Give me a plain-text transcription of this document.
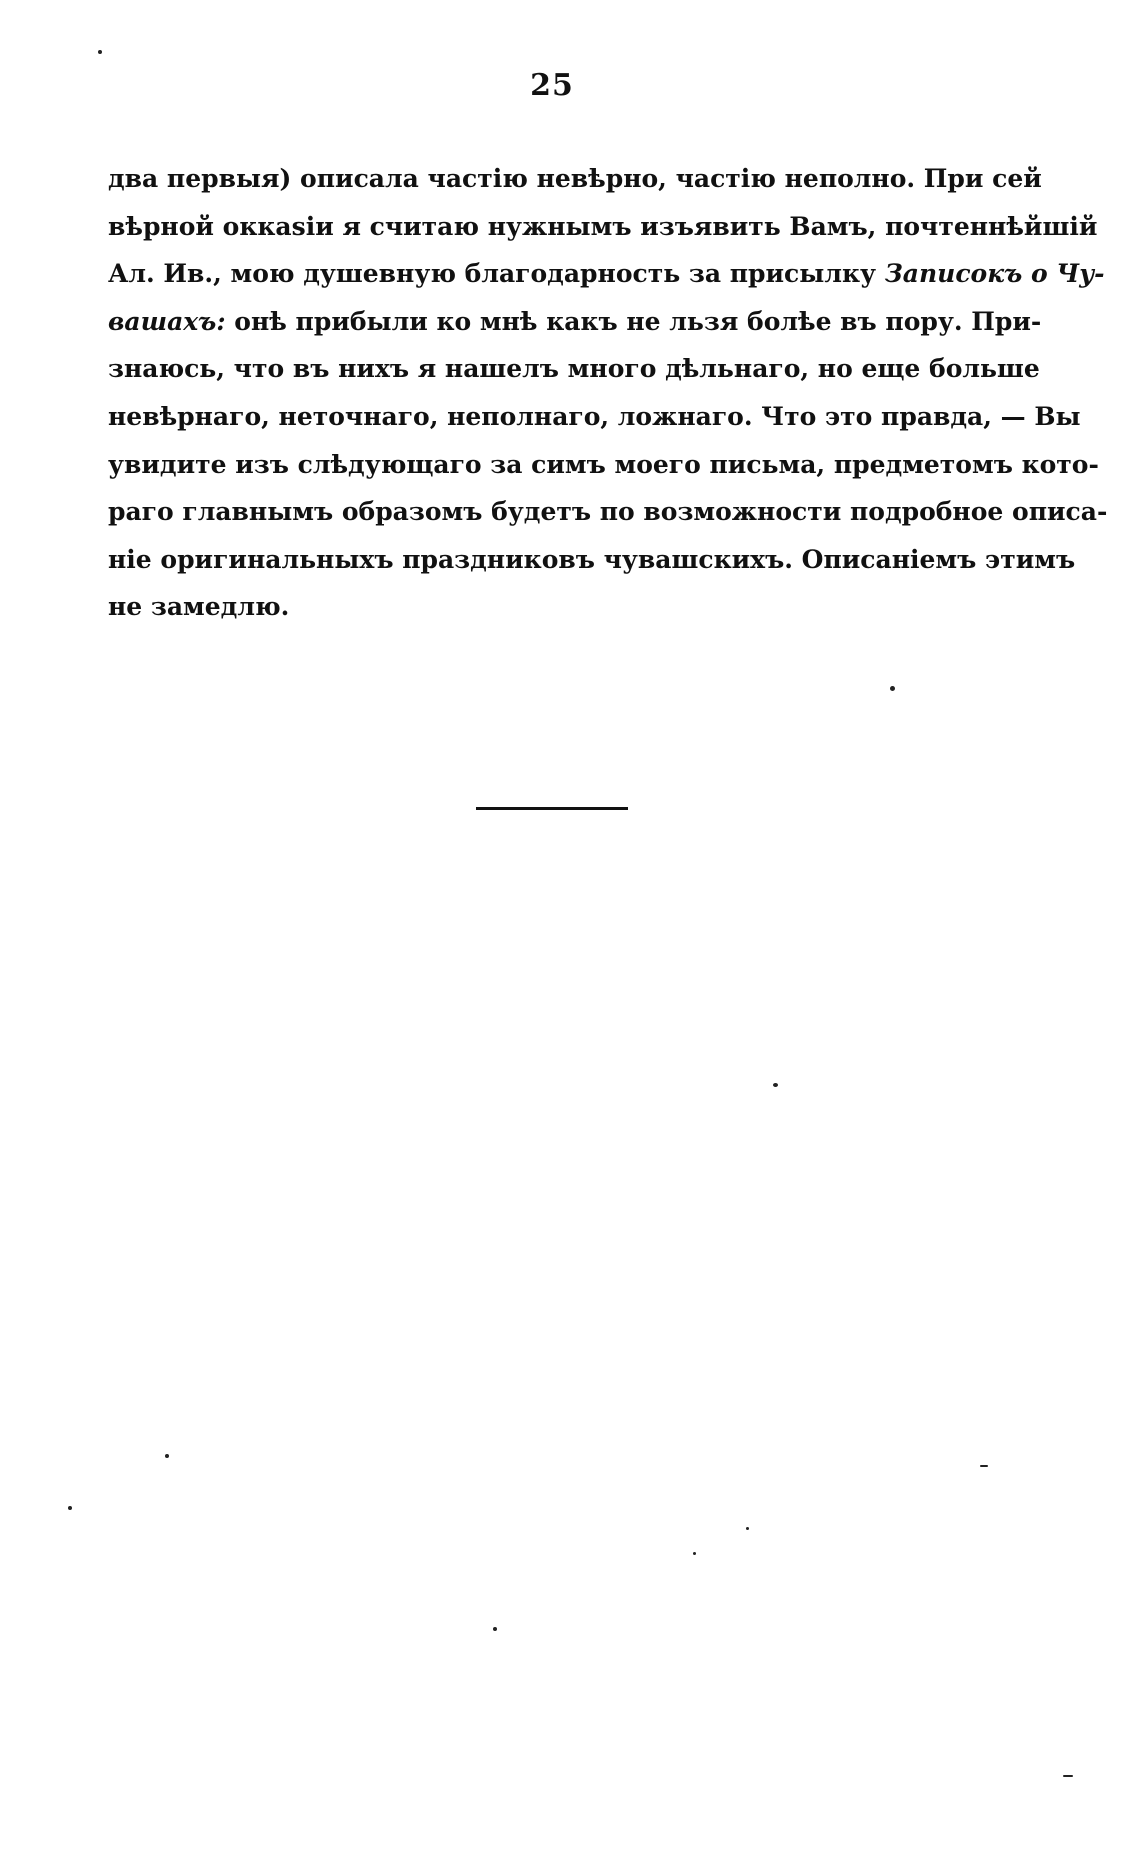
25
два первыя) описала частію невѣрно, частію неполно. При сей
вѣрной оккаsіи я считаю нужнымъ изъявить Вамъ, почтеннѣйшій
Ал. Ив., мою душевную благодарность за присылку Записокъ о Чу-
вашахъ: онѣ прибыли ко мнѣ какъ не льзя болѣе въ пору. При-
знаюсь, что въ нихъ я нашелъ много дѣльнаго, но еще больше
невѣрнаго, неточнаго, неполнаго, ложнаго. Что это правда, — Вы
увидите изъ слѣдующаго за симъ моего письма, предметомъ кото-
раго главнымъ образомъ будетъ по возможности подробное описа-
ніе оригинальныхъ праздниковъ чувашскихъ. Описаніемъ этимъ
не замедлю.
